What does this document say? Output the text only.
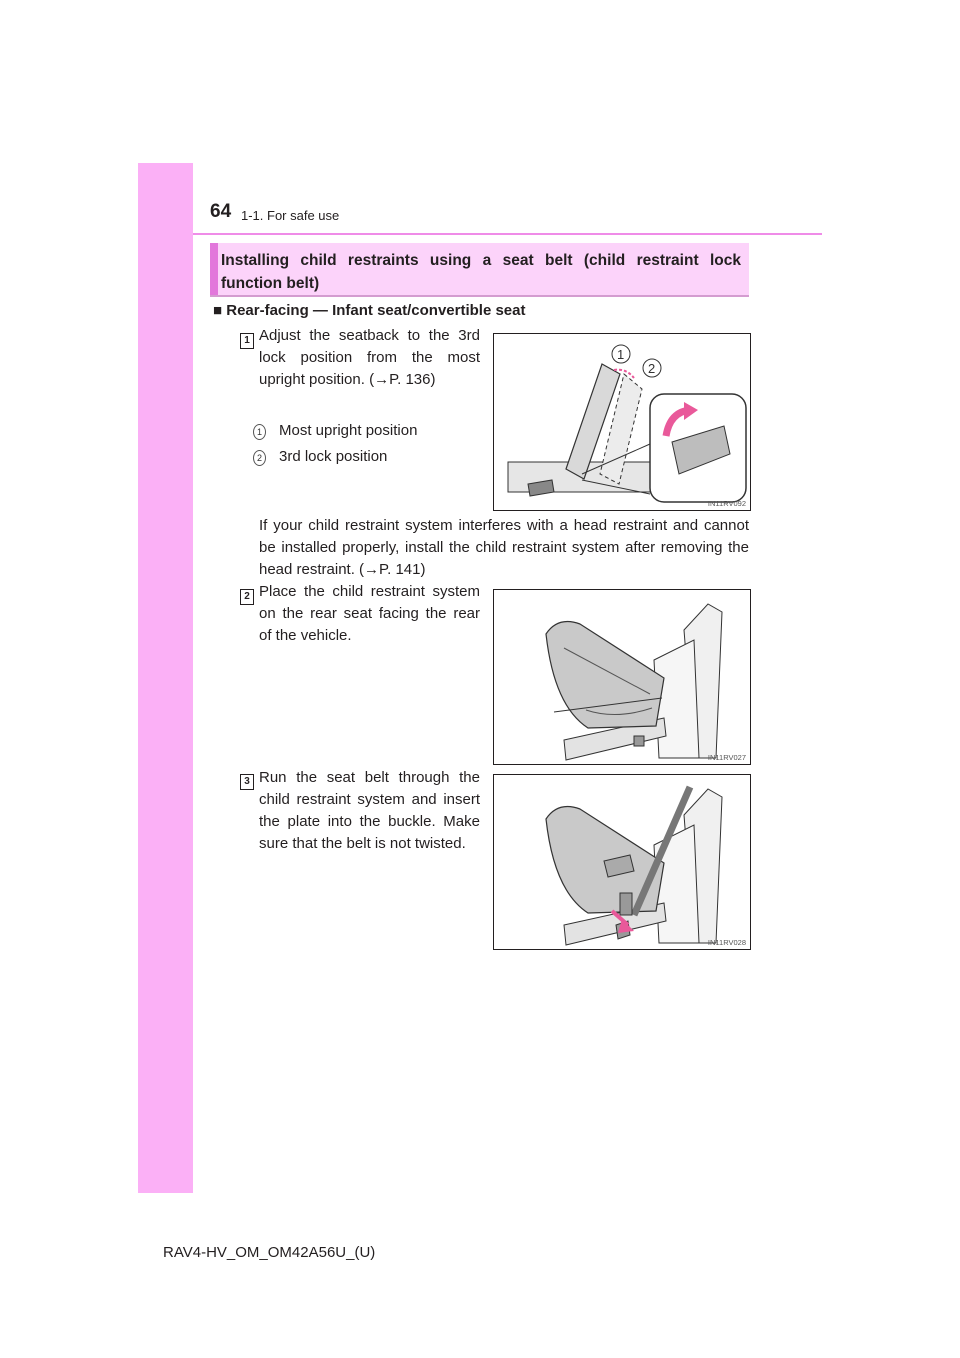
64 1-1. For safe use
Installing child restraints using a seat belt (child restraint lock function belt)
■ Rear-facing — Infant seat/convertible seat
1 Adjust the seatback to the 3rd lock position from the most upright position. (→P. 136)
1 Most upright position
2 3rd lock position
1
2
IN11RV092
If your child restraint system interferes with a head restraint and cannot be installed properly, install the child restraint system after removing the head restraint. (→P. 141)
2 Place the child restraint system on the rear seat facing the rear of the vehicle.
IN11RV027
3 Run the seat belt through the child restraint system and insert the plate into the buckle. Make sure that the belt is not twisted.
IN11RV028
RAV4-HV_OM_OM42A56U_(U)
